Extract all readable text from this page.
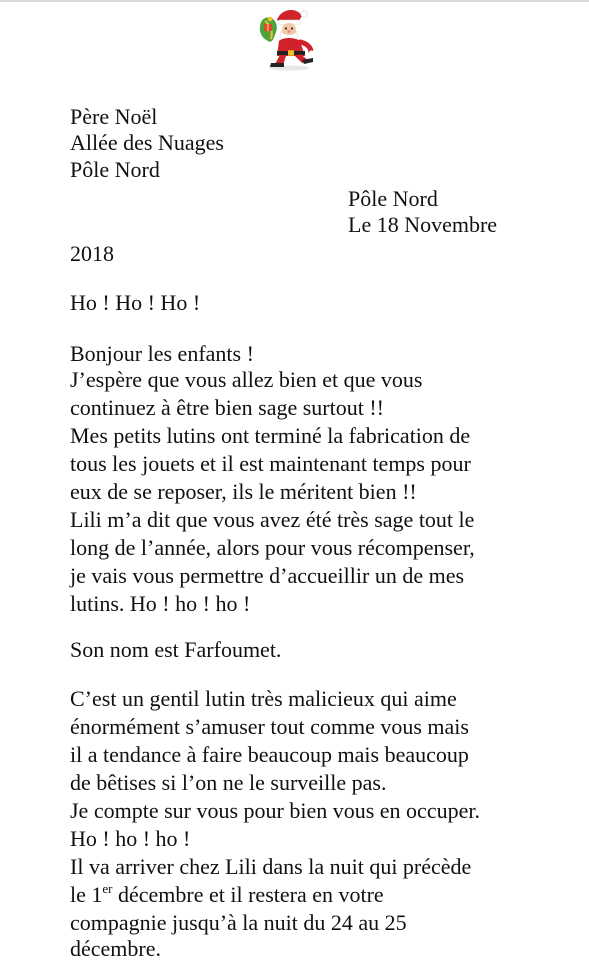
Père Noël

Allée des Nuages

Pôle Nord

Pôle Nord

Le 18 Novembre

2018

Ho ! Ho ! Ho !

Bonjour les enfants !

J’espère que vous allez bien et que vous

continuez à être bien sage surtout !!

Mes petits lutins ont terminé la fabrication de

tous les jouets et il est maintenant temps pour

eux de se reposer, ils le méritent bien !!

Lili m’a dit que vous avez été très sage tout le

long de l’année, alors pour vous récompenser,

je vais vous permettre d’accueillir un de mes

lutins. Ho ! ho ! ho !

Son nom est Farfoumet.

C’est un gentil lutin très malicieux qui aime

énormément s’amuser tout comme vous mais

il a tendance à faire beaucoup mais beaucoup

de bêtises si l’on ne le surveille pas.

Je compte sur vous pour bien vous en occuper.

Ho ! ho ! ho !

Il va arriver chez Lili dans la nuit qui précède

le 1er décembre et il restera en votre

compagnie jusqu’à la nuit du 24 au 25

décembre.
